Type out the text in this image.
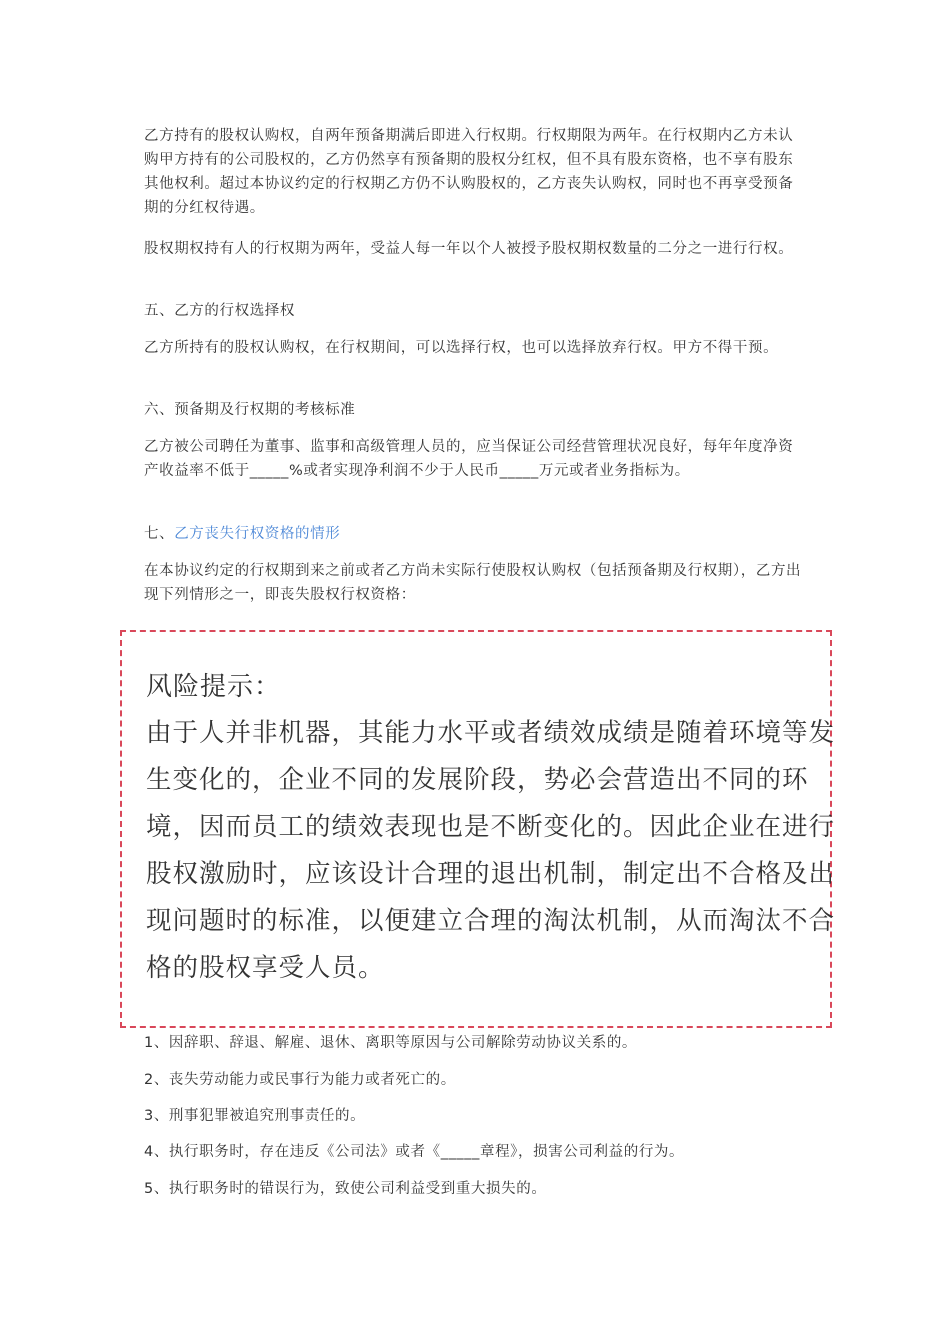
乙方持有的股权认购权，自两年预备期满后即进入行权期。行权期限为两年。在行权期内乙方未认购甲方持有的公司股权的，乙方仍然享有预备期的股权分红权，但不具有股东资格，也不享有股东其他权利。超过本协议约定的行权期乙方仍不认购股权的，乙方丧失认购权，同时也不再享受预备期的分红权待遇。

股权期权持有人的行权期为两年，受益人每一年以个人被授予股权期权数量的二分之一进行行权。

五、乙方的行权选择权

乙方所持有的股权认购权，在行权期间，可以选择行权，也可以选择放弃行权。甲方不得干预。

六、预备期及行权期的考核标准

乙方被公司聘任为董事、监事和高级管理人员的，应当保证公司经营管理状况良好，每年年度净资产收益率不低于_____%或者实现净利润不少于人民币_____万元或者业务指标为。

七、乙方丧失行权资格的情形

在本协议约定的行权期到来之前或者乙方尚未实际行使股权认购权（包括预备期及行权期），乙方出现下列情形之一，即丧失股权行权资格：

风险提示：

由于人并非机器，其能力水平或者绩效成绩是随着环境等发生变化的，企业不同的发展阶段，势必会营造出不同的环境，因而员工的绩效表现也是不断变化的。因此企业在进行股权激励时，应该设计合理的退出机制，制定出不合格及出现问题时的标准，以便建立合理的淘汰机制，从而淘汰不合格的股权享受人员。

1、因辞职、辞退、解雇、退休、离职等原因与公司解除劳动协议关系的。

2、丧失劳动能力或民事行为能力或者死亡的。

3、刑事犯罪被追究刑事责任的。

4、执行职务时，存在违反《公司法》或者《_____章程》，损害公司利益的行为。

5、执行职务时的错误行为，致使公司利益受到重大损失的。
